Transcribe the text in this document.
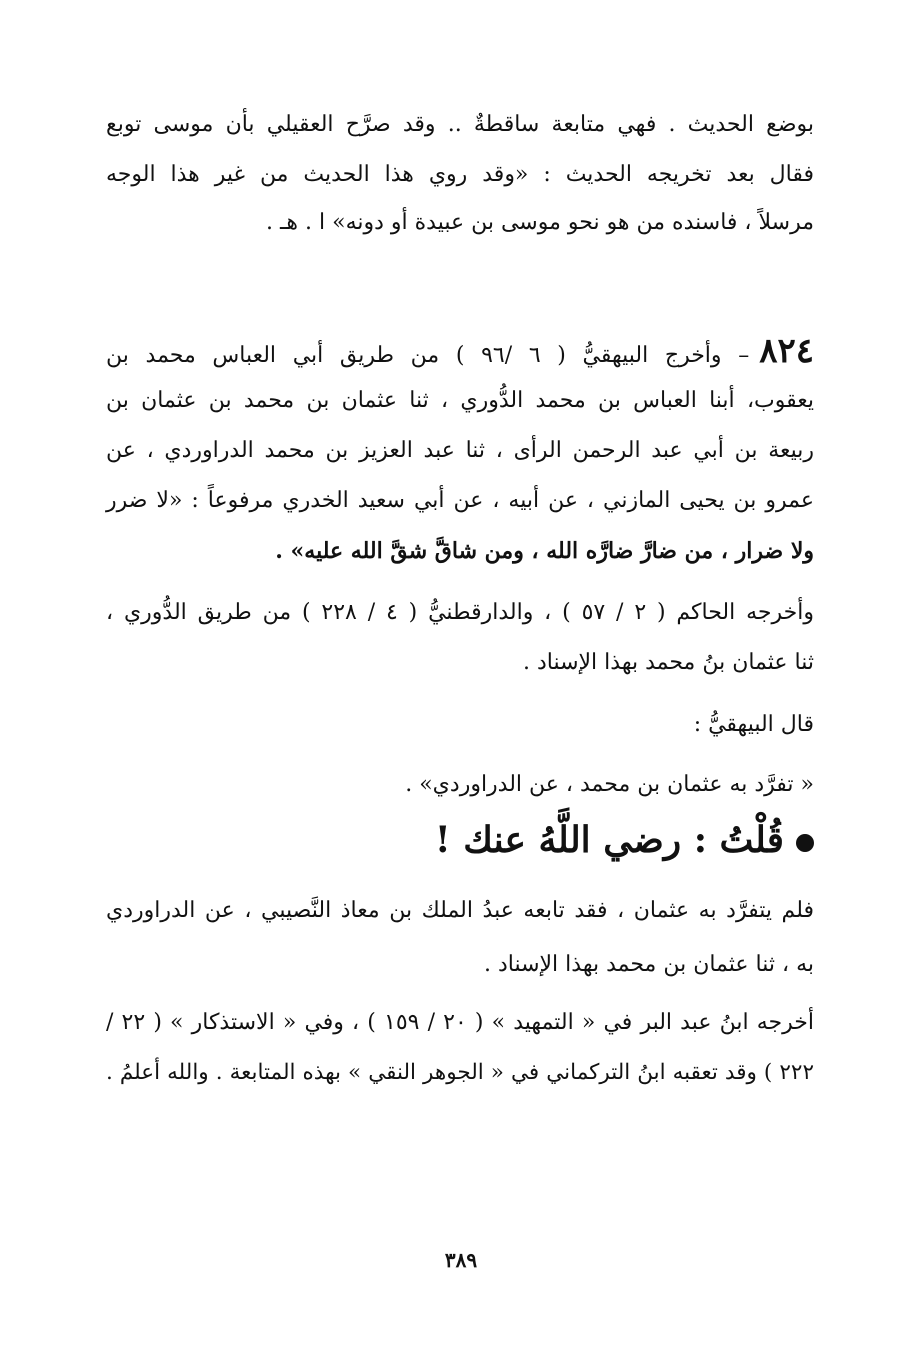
بوضع الحديث . فهي متابعة ساقطةٌ .. وقد صرَّح العقيلي بأن موسى توبع
فقال بعد تخريجه الحديث : «وقد روي هذا الحديث من غير هذا الوجه
مرسلاً ، فاسنده من هو نحو موسى بن عبيدة أو دونه» ا . هـ .
٨٢٤– وأخرج البيهقيُّ ( ٦ /٩٦ ) من طريق أبي العباس محمد بن
يعقوب، أبنا العباس بن محمد الدُّوري ، ثنا عثمان بن محمد بن عثمان بن
ربيعة بن أبي عبد الرحمن الرأى ، ثنا عبد العزيز بن محمد الدراوردي ، عن
عمرو بن يحيى المازني ، عن أبيه ، عن أبي سعيد الخدري مرفوعاً : «لا ضرر
ولا ضرار ، من ضارَّ ضارَّه الله ، ومن شاقَّ شقَّ الله عليه» .
وأخرجه الحاكم ( ٢ / ٥٧ ) ، والدارقطنيُّ ( ٤ / ٢٢٨ ) من طريق الدُّوري ،
ثنا عثمان بنُ محمد بهذا الإسناد .
قال البيهقيُّ :
« تفرَّد به عثمان بن محمد ، عن الدراوردي» .
قُلْتُ : رضي اللَّهُ عنك !
فلم يتفرَّد به عثمان ، فقد تابعه عبدُ الملك بن معاذ النَّصيبي ، عن الدراوردي
به ، ثنا عثمان بن محمد بهذا الإسناد .
أخرجه ابنُ عبد البر في « التمهيد » ( ٢٠ / ١٥٩ ) ، وفي « الاستذكار » ( ٢٢ /
٢٢٢ ) وقد تعقبه ابنُ التركماني في « الجوهر النقي » بهذه المتابعة . والله أعلمُ .
٣٨٩
